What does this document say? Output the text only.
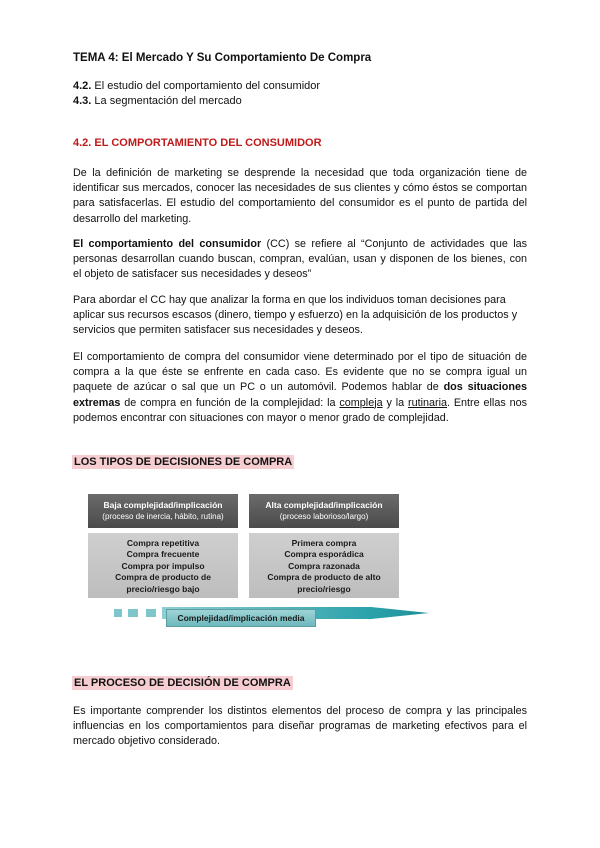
TEMA 4: El Mercado Y Su Comportamiento De Compra
4.2. El estudio del comportamiento del consumidor
4.3. La segmentación del mercado
4.2. EL COMPORTAMIENTO DEL CONSUMIDOR
De la definición de marketing se desprende la necesidad que toda organización tiene de identificar sus mercados, conocer las necesidades de sus clientes y cómo éstos se comportan para satisfacerlas. El estudio del comportamiento del consumidor es el punto de partida del desarrollo del marketing.
El comportamiento del consumidor (CC) se refiere al “Conjunto de actividades que las personas desarrollan cuando buscan, compran, evalúan, usan y disponen de los bienes, con el objeto de satisfacer sus necesidades y deseos”
Para abordar el CC hay que analizar la forma en que los individuos toman decisiones para aplicar sus recursos escasos (dinero, tiempo y esfuerzo) en la adquisición de los productos y servicios que permiten satisfacer sus necesidades y deseos.
El comportamiento de compra del consumidor viene determinado por el tipo de situación de compra a la que éste se enfrente en cada caso. Es evidente que no se compra igual un paquete de azúcar o sal que un PC o un automóvil. Podemos hablar de dos situaciones extremas de compra en función de la complejidad: la compleja y la rutinaria. Entre ellas nos podemos encontrar con situaciones con mayor o menor grado de complejidad.
LOS TIPOS DE DECISIONES DE COMPRA
Baja complejidad/implicación
(proceso de inercia, hábito, rutina)
Alta complejidad/implicación
(proceso laborioso/largo)
Compra repetitiva
Compra frecuente
Compra por impulso
Compra de producto de
precio/riesgo bajo
Primera compra
Compra esporádica
Compra razonada
Compra de producto de alto
precio/riesgo
Complejidad/implicación media
EL PROCESO DE DECISIÓN DE COMPRA
Es importante comprender los distintos elementos del proceso de compra y las principales influencias en los comportamientos para diseñar programas de marketing efectivos para el mercado objetivo considerado.
